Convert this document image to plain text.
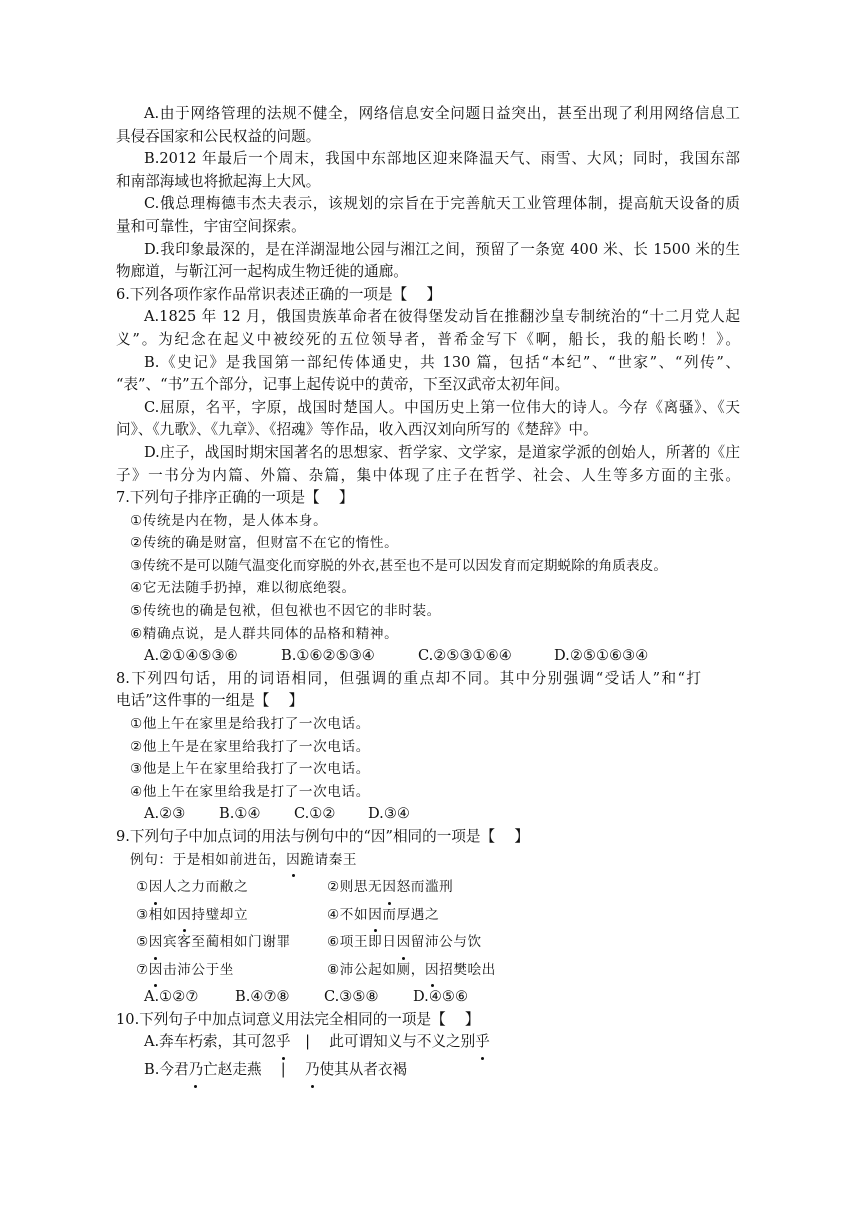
A.由于网络管理的法规不健全，网络信息安全问题日益突出，甚至出现了利用网络信息工
具侵吞国家和公民权益的问题。
B.2012 年最后一个周末，我国中东部地区迎来降温天气、雨雪、大风；同时，我国东部
和南部海域也将掀起海上大风。
C.俄总理梅德韦杰夫表示，该规划的宗旨在于完善航天工业管理体制，提高航天设备的质
量和可靠性，宇宙空间探索。
D.我印象最深的，是在洋湖湿地公园与湘江之间，预留了一条宽 400 米、长 1500 米的生
物廊道，与靳江河一起构成生物迁徙的通廊。
6.下列各项作家作品常识表述正确的一项是【　 】
A.1825 年 12 月，俄国贵族革命者在彼得堡发动旨在推翻沙皇专制统治的“十二月党人起
义”。为纪念在起义中被绞死的五位领导者，普希金写下《啊，船长，我的船长哟！》。
B.《史记》是我国第一部纪传体通史，共 130 篇，包括“本纪”、“世家”、“列传”、
“表”、“书”五个部分，记事上起传说中的黄帝，下至汉武帝太初年间。
C.屈原，名平，字原，战国时楚国人。中国历史上第一位伟大的诗人。今存《离骚》、《天
问》、《九歌》、《九章》、《招魂》等作品，收入西汉刘向所写的《楚辞》中。
D.庄子，战国时期宋国著名的思想家、哲学家、文学家，是道家学派的创始人，所著的《庄
子》一书分为内篇、外篇、杂篇，集中体现了庄子在哲学、社会、人生等多方面的主张。
7.下列句子排序正确的一项是【　 】
①传统是内在物，是人体本身。
②传统的确是财富，但财富不在它的惰性。
③传统不是可以随气温变化而穿脱的外衣,甚至也不是可以因发育而定期蜕除的角质表皮。
④它无法随手扔掉，难以彻底绝裂。
⑤传统也的确是包袱，但包袱也不因它的非时装。
⑥精确点说，是人群共同体的品格和精神。
A.②①④⑤③⑥	B.①⑥②⑤③④	C.②⑤③①⑥④	D.②⑤①⑥③④
8.下列四句话，用的词语相同，但强调的重点却不同。其中分别强调“受话人”和“打
电话”这件事的一组是【　 】
①他上午在家里是给我打了一次电话。
②他上午是在家里给我打了一次电话。
③他是上午在家里给我打了一次电话。
④他上午在家里给我是打了一次电话。
A.②③ B.①④ C.①② D.③④
9.下列句子中加点词的用法与例句中的“因”相同的一项是【　 】
例句：于是相如前进缶，因跪请秦王
①因人之力而敝之	②则思无因怒而滥刑
③相如因持璧却立	④不如因而厚遇之
⑤因宾客至蔺相如门谢罪	⑥项王即日因留沛公与饮
⑦因击沛公于坐	⑧沛公起如厕，因招樊哙出
A.①②⑦	B.④⑦⑧ C.③⑤⑧ D.④⑤⑥
10.下列句子中加点词意义用法完全相同的一项是【　 】
A.奔车朽索，其可忽乎　|　 此可谓知义与不义之别乎
B.今君乃亡赵走燕　 |　 乃使其从者衣褐
